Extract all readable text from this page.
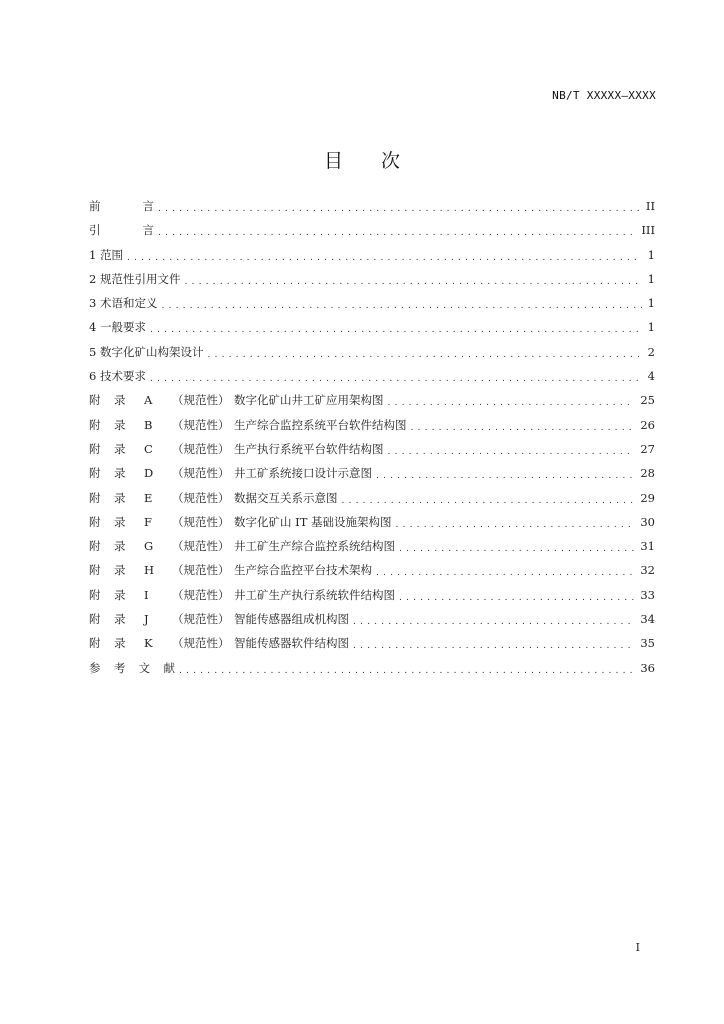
NB/T XXXXX—XXXX
目次
前 言 . . .	II
引 言 . . .	III
1 范围 . . .	1
2 规范性引用文件 . . .	1
3 术语和定义 . . .	1
4 一般要求 . . .	1
5 数字化矿山构架设计 . . .	2
6 技术要求 . . .	4
附 录 A （规范性） 数字化矿山井工矿应用架构图 . . .	25
附 录 B （规范性） 生产综合监控系统平台软件结构图 . . .	26
附 录 C （规范性） 生产执行系统平台软件结构图 . . .	27
附 录 D （规范性） 井工矿系统接口设计示意图 . . .	28
附 录 E （规范性） 数据交互关系示意图 . . .	29
附 录 F （规范性） 数字化矿山 IT 基础设施架构图 . . .	30
附 录 G （规范性） 井工矿生产综合监控系统结构图 . . .	31
附 录 H （规范性） 生产综合监控平台技术架构 . . .	32
附 录 I （规范性） 井工矿生产执行系统软件结构图 . . .	33
附 录 J （规范性） 智能传感器组成机构图 . . .	34
附 录 K （规范性） 智能传感器软件结构图 . . .	35
参 考 文 献 . . .	36
I
